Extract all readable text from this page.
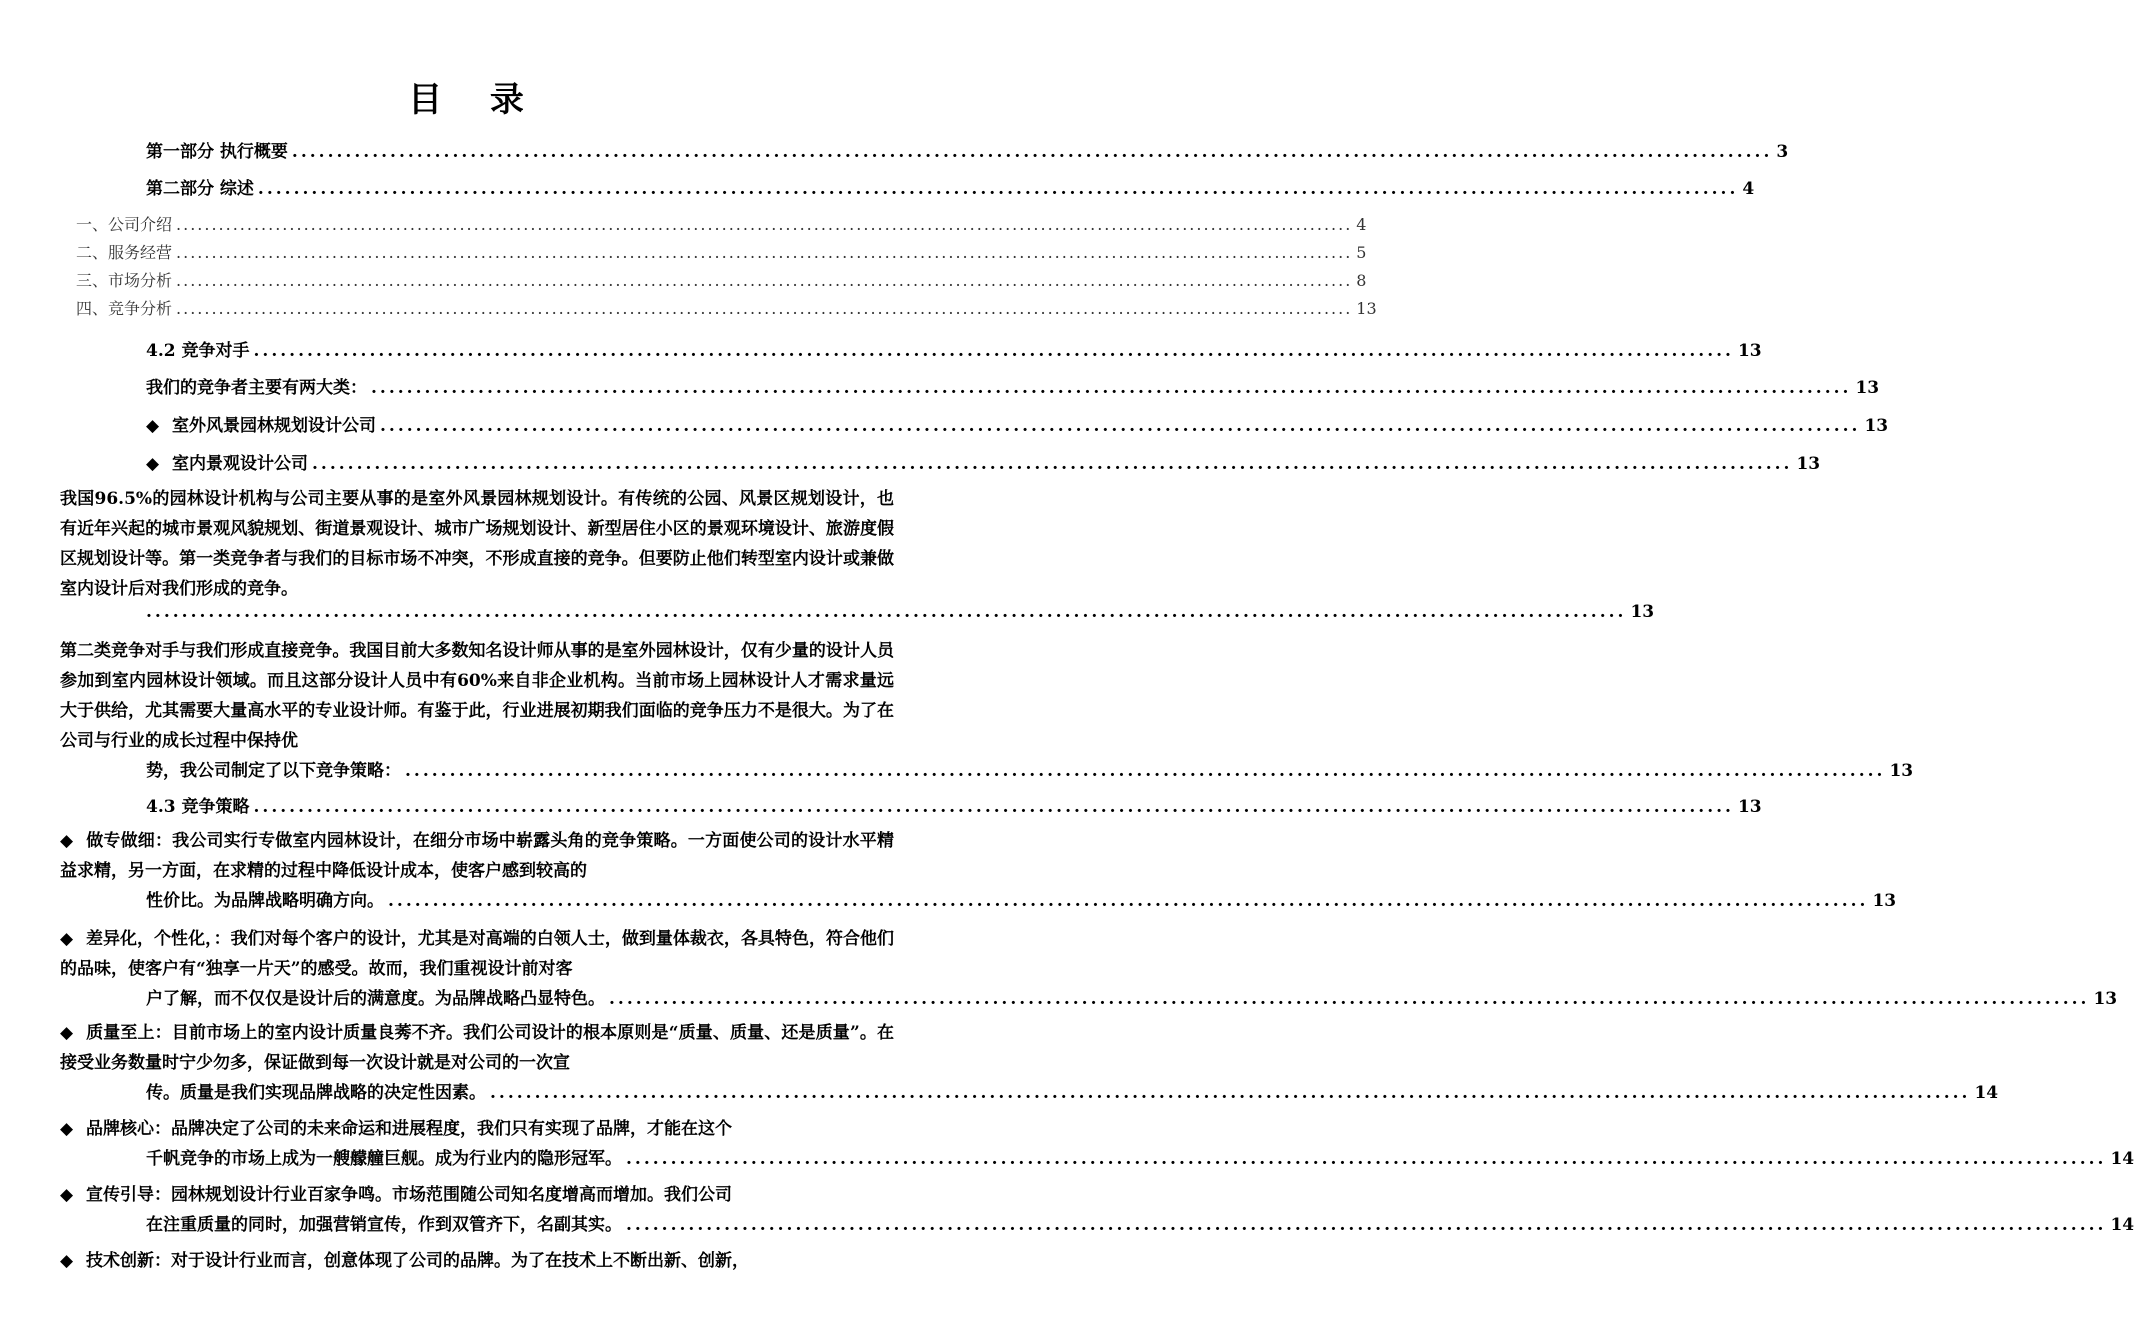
目 录
第一部分 执行概要 ...................................................................................................................................................................... 3
第二部分 综述 ...................................................................................................................................................................... 4
一、公司介绍 ...................................................................................................................................................................... 4
二、服务经营 ...................................................................................................................................................................... 5
三、市场分析 ...................................................................................................................................................................... 8
四、竞争分析 ...................................................................................................................................................................... 13
4.2 竞争对手 ...................................................................................................................................................................... 13
我们的竞争者主要有两大类： ...................................................................................................................................................................... 13
◆ 室外风景园林规划设计公司 ...................................................................................................................................................................... 13
◆ 室内景观设计公司 ...................................................................................................................................................................... 13
我国96.5%的园林设计机构与公司主要从事的是室外风景园林规划设计。有传统的公园、风景区规划设计，也有近年兴起的城市景观风貌规划、街道景观设计、城市广场规划设计、新型居住小区的景观环境设计、旅游度假区规划设计等。第一类竞争者与我们的目标市场不冲突，不形成直接的竞争。但要防止他们转型室内设计或兼做室内设计后对我们形成的竞争。
...................................................................................................................................................................... 13
第二类竞争对手与我们形成直接竞争。我国目前大多数知名设计师从事的是室外园林设计，仅有少量的设计人员参加到室内园林设计领域。而且这部分设计人员中有60%来自非企业机构。当前市场上园林设计人才需求量远大于供给，尤其需要大量高水平的专业设计师。有鉴于此，行业进展初期我们面临的竞争压力不是很大。为了在公司与行业的成长过程中保持优
势，我公司制定了以下竞争策略： ...................................................................................................................................................................... 13
4.3 竞争策略 ...................................................................................................................................................................... 13
◆ 做专做细：我公司实行专做室内园林设计，在细分市场中崭露头角的竞争策略。一方面使公司的设计水平精益求精，另一方面，在求精的过程中降低设计成本，使客户感到较高的
性价比。为品牌战略明确方向。 ...................................................................................................................................................................... 13
◆ 差异化，个性化，：我们对每个客户的设计，尤其是对高端的白领人士，做到量体裁衣，各具特色，符合他们的品味，使客户有“独享一片天”的感受。故而，我们重视设计前对客
户了解，而不仅仅是设计后的满意度。为品牌战略凸显特色。 ...................................................................................................................................................................... 13
◆ 质量至上：目前市场上的室内设计质量良莠不齐。我们公司设计的根本原则是“质量、质量、还是质量”。在接受业务数量时宁少勿多，保证做到每一次设计就是对公司的一次宣
传。质量是我们实现品牌战略的决定性因素。 ...................................................................................................................................................................... 14
◆ 品牌核心：品牌决定了公司的未来命运和进展程度，我们只有实现了品牌，才能在这个
千帆竞争的市场上成为一艘艨艟巨舰。成为行业内的隐形冠军。 ...................................................................................................................................................................... 14
◆ 宣传引导：园林规划设计行业百家争鸣。市场范围随公司知名度增高而增加。我们公司
在注重质量的同时，加强营销宣传，作到双管齐下，名副其实。 ...................................................................................................................................................................... 14
◆ 技术创新：对于设计行业而言，创意体现了公司的品牌。为了在技术上不断出新、创新，
